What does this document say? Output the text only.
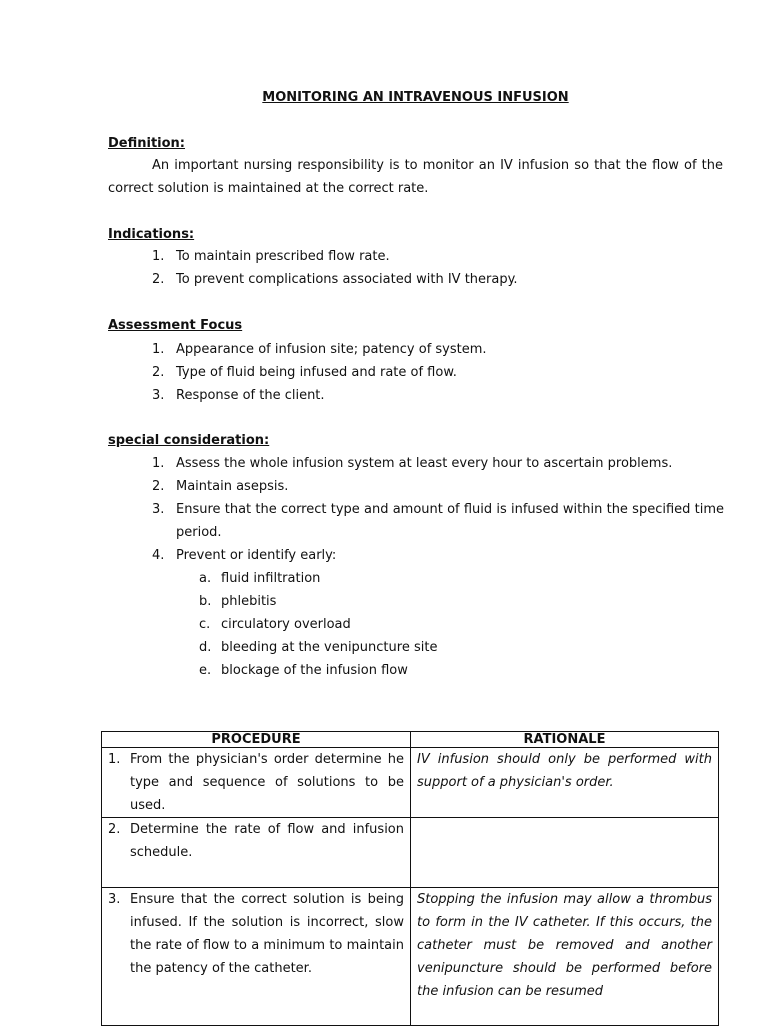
MONITORING AN INTRAVENOUS INFUSION
Definition:
An important nursing responsibility is to monitor an IV infusion so that the flow of the correct solution is maintained at the correct rate.
Indications:
1. To maintain prescribed flow rate.
2. To prevent complications associated with IV therapy.
Assessment Focus
1. Appearance of infusion site; patency of system.
2. Type of fluid being infused and rate of flow.
3. Response of the client.
special consideration:
1. Assess the whole infusion system at least every hour to ascertain problems.
2. Maintain asepsis.
3. Ensure that the correct type and amount of fluid is infused within the specified time period.
4. Prevent or identify early:
a. fluid infiltration
b. phlebitis
c. circulatory overload
d. bleeding at the venipuncture site
e. blockage of the infusion flow
PROCEDURE	RATIONALE

1. From the physician's order determine he type and sequence of solutions to be used.	IV infusion should only be performed with support of a physician's order.

2. Determine the rate of flow and infusion schedule.	

3. Ensure that the correct solution is being infused. If the solution is incorrect, slow the rate of flow to a minimum to maintain the patency of the catheter.	Stopping the infusion may allow a thrombus to form in the IV catheter. If this occurs, the catheter must be removed and another venipuncture should be performed before the infusion can be resumed
